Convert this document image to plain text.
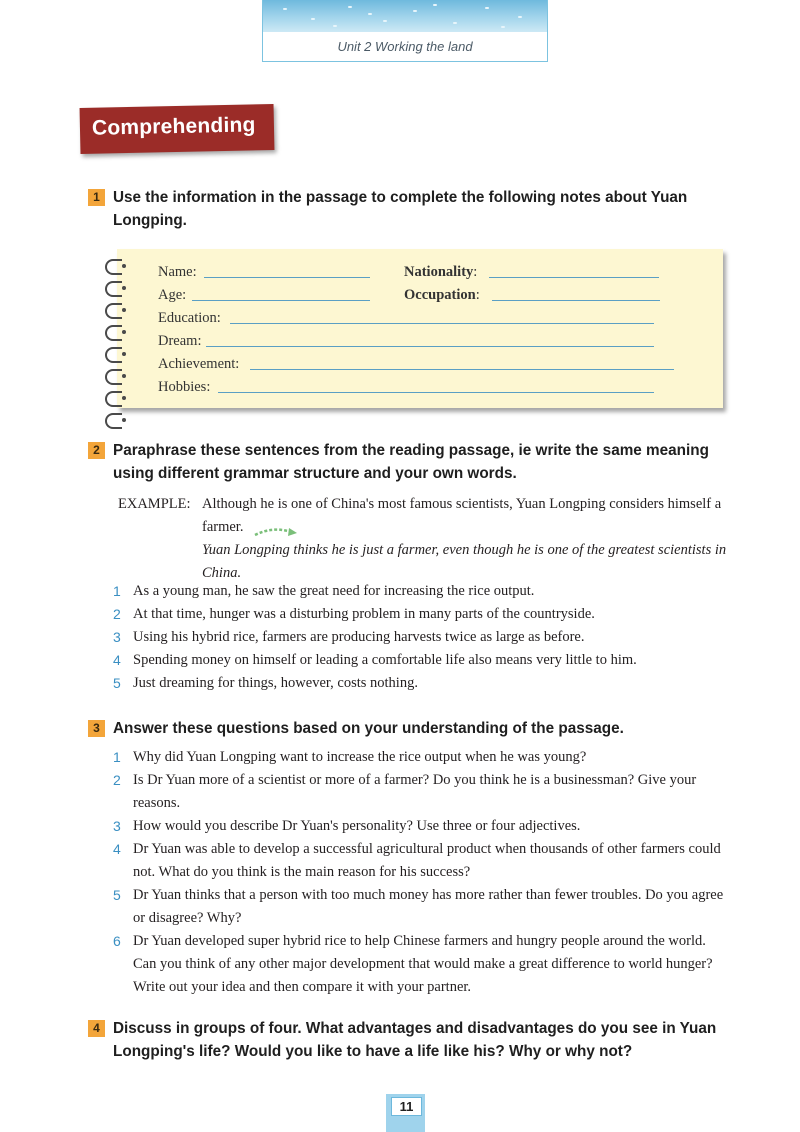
Unit 2 Working the land
Comprehending
1 Use the information in the passage to complete the following notes about Yuan Longping.
Name:	Nationality:
Age:	Occupation:
Education:
Dream:
Achievement:
Hobbies:
2 Paraphrase these sentences from the reading passage, ie write the same meaning using different grammar structure and your own words.
EXAMPLE: Although he is one of China's most famous scientists, Yuan Longping considers himself a farmer.
Yuan Longping thinks he is just a farmer, even though he is one of the greatest scientists in China.
1 As a young man, he saw the great need for increasing the rice output.
2 At that time, hunger was a disturbing problem in many parts of the countryside.
3 Using his hybrid rice, farmers are producing harvests twice as large as before.
4 Spending money on himself or leading a comfortable life also means very little to him.
5 Just dreaming for things, however, costs nothing.
3 Answer these questions based on your understanding of the passage.
1 Why did Yuan Longping want to increase the rice output when he was young?
2 Is Dr Yuan more of a scientist or more of a farmer? Do you think he is a businessman? Give your reasons.
3 How would you describe Dr Yuan's personality? Use three or four adjectives.
4 Dr Yuan was able to develop a successful agricultural product when thousands of other farmers could not. What do you think is the main reason for his success?
5 Dr Yuan thinks that a person with too much money has more rather than fewer troubles. Do you agree or disagree? Why?
6 Dr Yuan developed super hybrid rice to help Chinese farmers and hungry people around the world. Can you think of any other major development that would make a great difference to world hunger? Write out your idea and then compare it with your partner.
4 Discuss in groups of four. What advantages and disadvantages do you see in Yuan Longping's life? Would you like to have a life like his? Why or why not?
11
